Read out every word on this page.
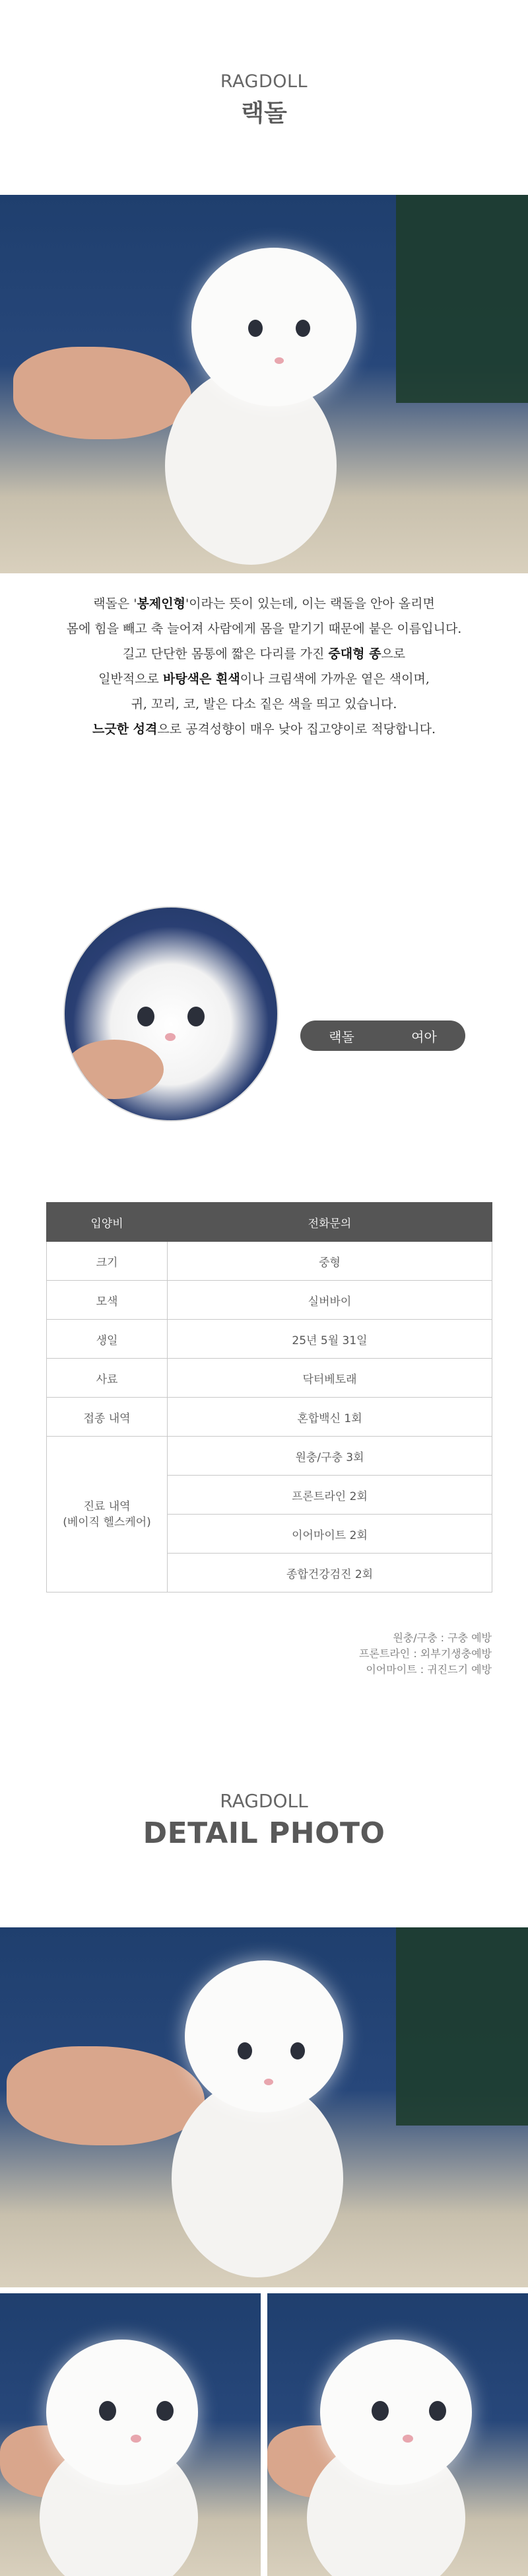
RAGDOLL
랙돌
랙돌은 '봉제인형'이라는 뜻이 있는데, 이는 랙돌을 안아 올리면
몸에 힘을 빼고 축 늘어져 사람에게 몸을 맡기기 때문에 붙은 이름입니다.
길고 단단한 몸통에 짧은 다리를 가진 중대형 종으로
일반적으로 바탕색은 흰색이나 크림색에 가까운 옅은 색이며,
귀, 꼬리, 코, 발은 다소 짙은 색을 띄고 있습니다.
느긋한 성격으로 공격성향이 매우 낮아 집고양이로 적당합니다.
랙돌	여아
입양비	전화문의
크기	중형
모색	실버바이
생일	25년 5월 31일
사료	닥터베토래
접종 내역	혼합백신 1회

진료 내역
(베이직 헬스케어)	원충/구충 3회
	프론트라인 2회
	이어마이트 2회
	종합건강검진 2회
원충/구충 : 구충 예방
프론트라인 : 외부기생충예방
이어마이트 : 귀진드기 예방
RAGDOLL
DETAIL PHOTO
